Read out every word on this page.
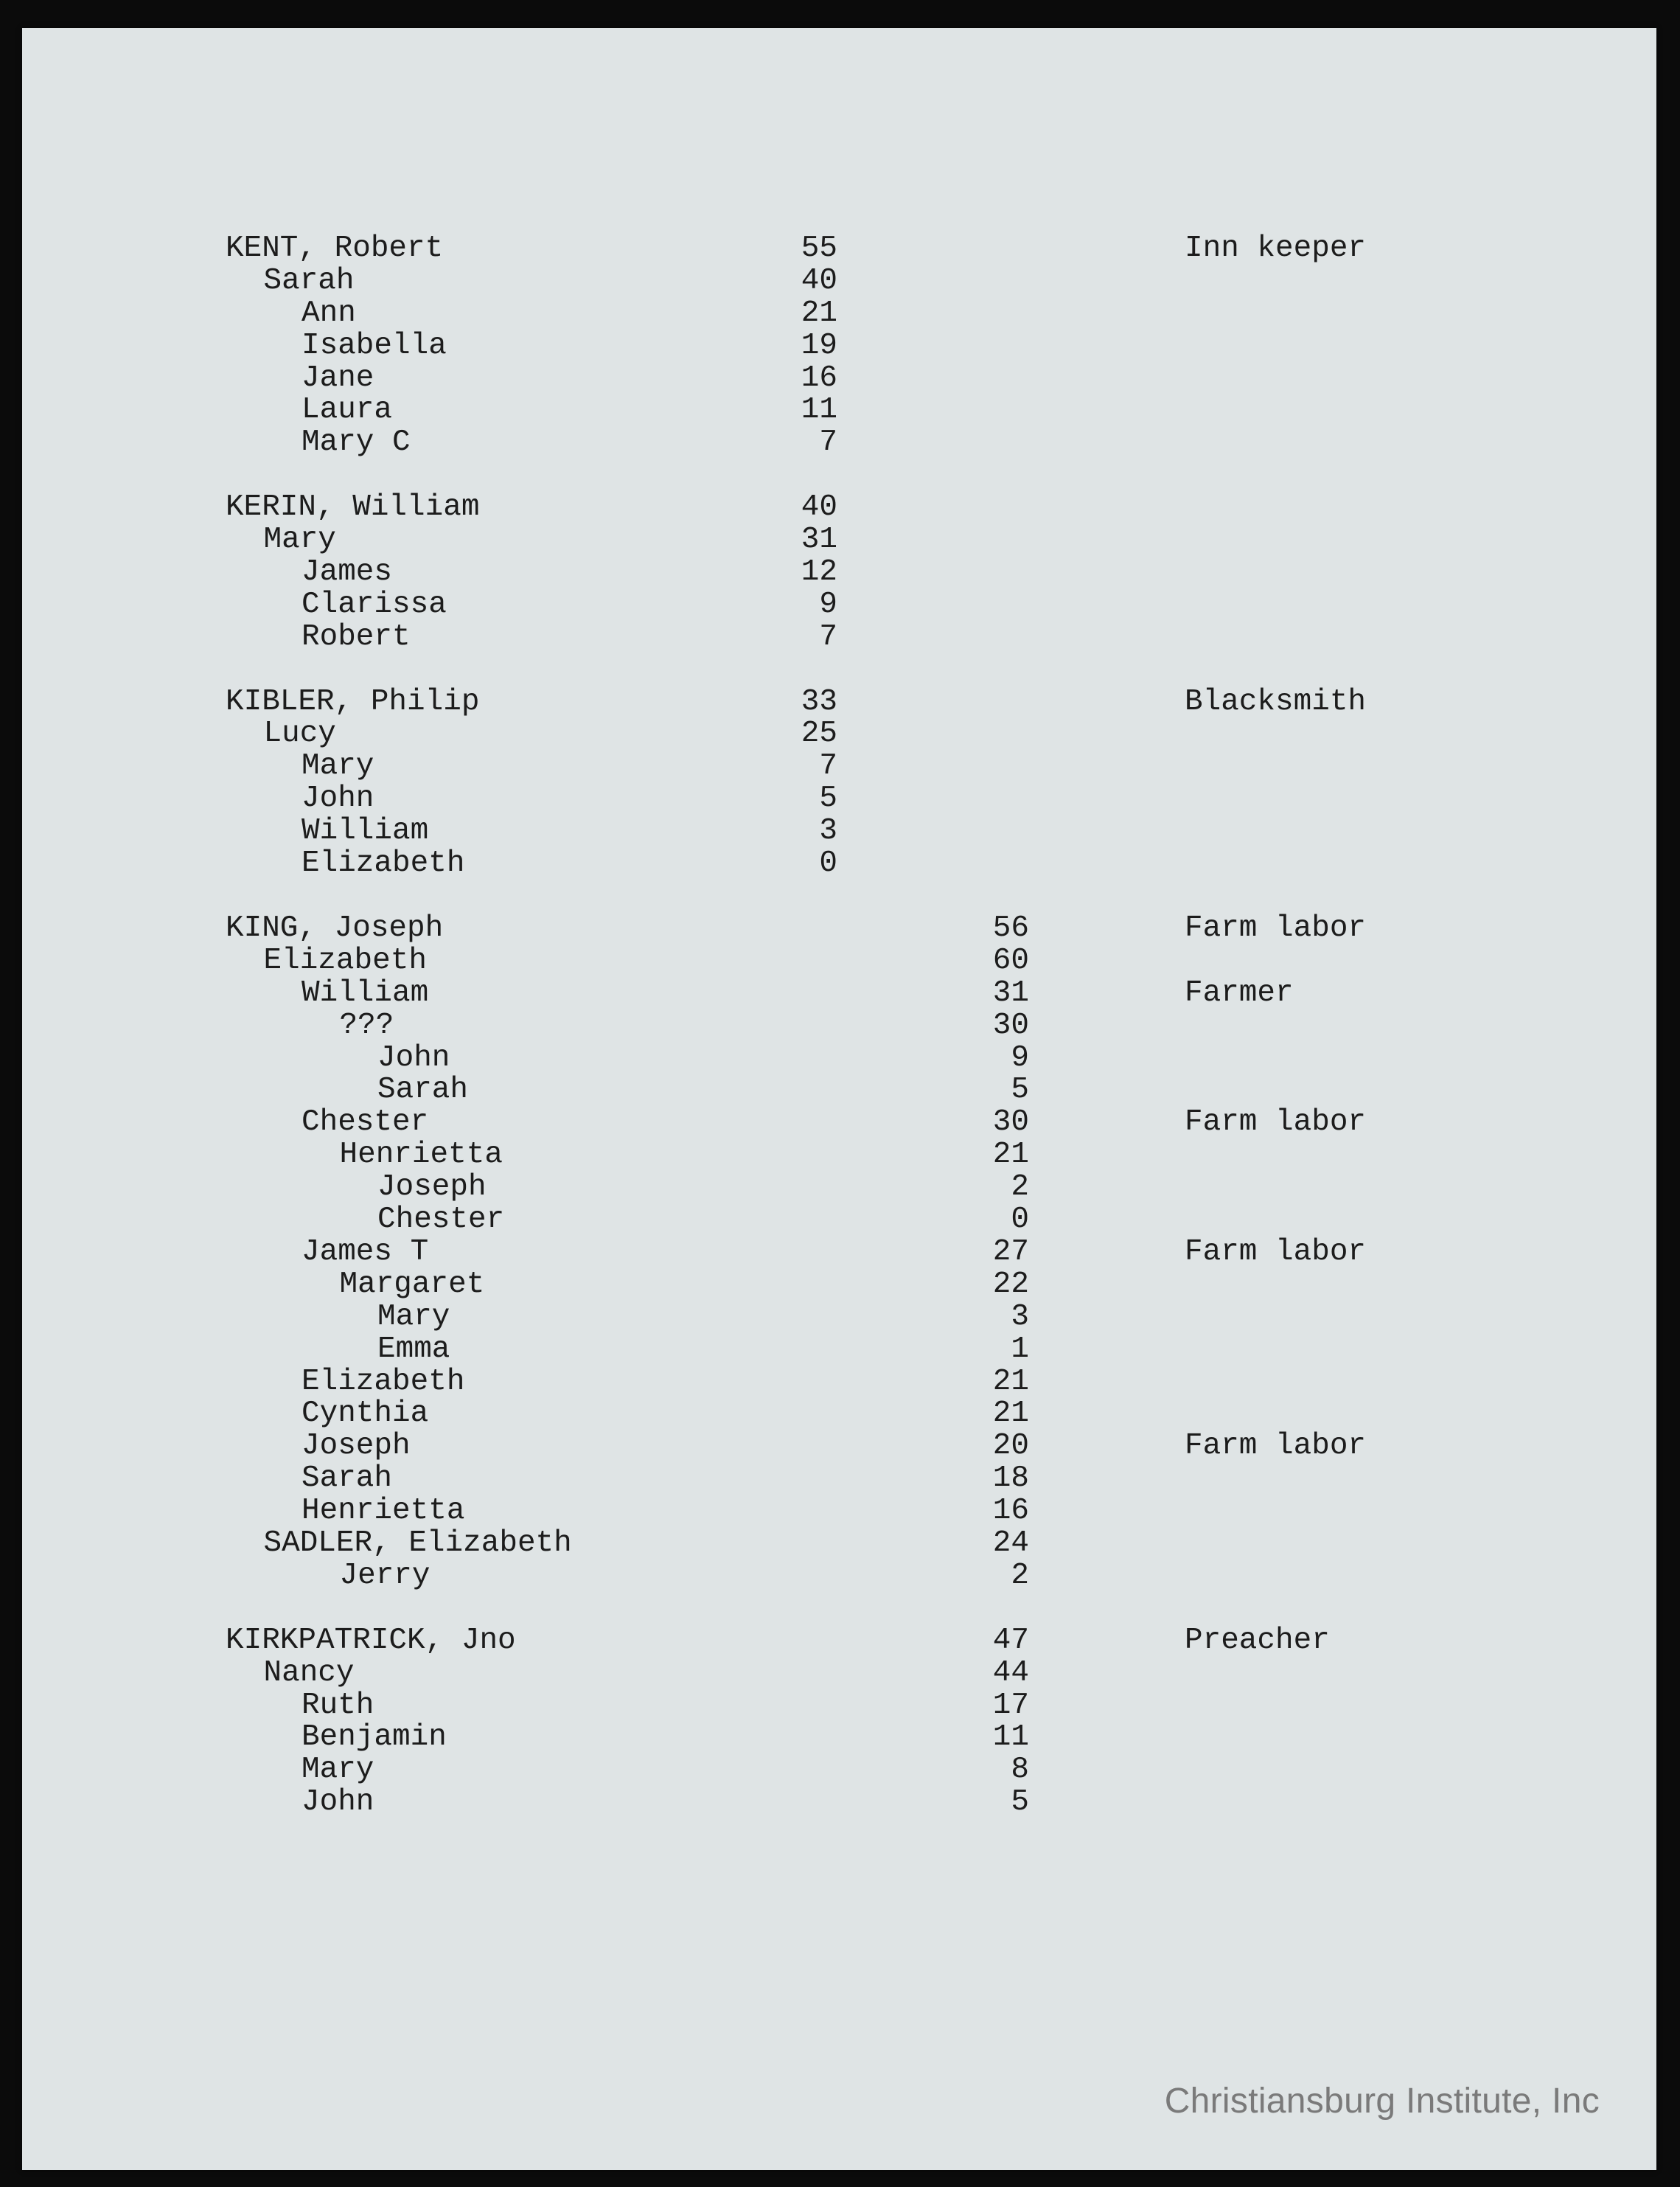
KENT, Robert	55	Inn keeper
Sarah	40
Ann	21
Isabella	19
Jane	16
Laura	11
Mary C	7
KERIN, William	40
Mary	31
James	12
Clarissa	9
Robert	7
KIBLER, Philip	33	Blacksmith
Lucy	25
Mary	7
John	5
William	3
Elizabeth	0
KING, Joseph	56	Farm labor
Elizabeth	60
William	31	Farmer
???	30
John	9
Sarah	5
Chester	30	Farm labor
Henrietta	21
Joseph	2
Chester	0
James T	27	Farm labor
Margaret	22
Mary	3
Emma	1
Elizabeth	21
Cynthia	21
Joseph	20	Farm labor
Sarah	18
Henrietta	16
SADLER, Elizabeth	24
Jerry	2
KIRKPATRICK, Jno	47	Preacher
Nancy	44
Ruth	17
Benjamin	11
Mary	8
John	5
Christiansburg Institute, Inc
